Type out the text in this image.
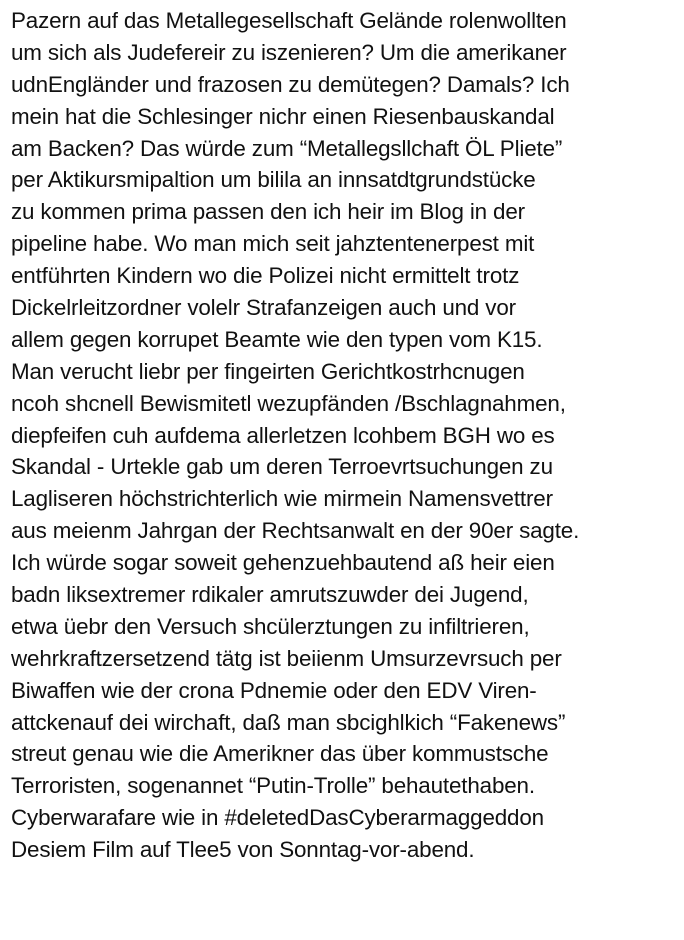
Pazern auf das Metallegesellschaft Gelände rolenwollten
um sich als Judefereir zu iszenieren? Um die amerikaner
udnEngländer und frazosen zu demütegen? Damals? Ich
mein hat die Schlesinger nichr einen Riesenbauskandal
am Backen? Das würde zum “Metallegsllchaft ÖL Pliete”
per Aktikursmipaltion um bilila an innsatdtgrundstücke
zu kommen prima passen den ich heir im Blog in der
pipeline habe. Wo man mich seit jahztentenerpest mit
entführten Kindern wo die Polizei nicht ermittelt trotz
Dickelrleitzordner volelr Strafanzeigen auch und vor
allem gegen korrupet Beamte wie den typen vom K15.
Man verucht liebr per fingeirten Gerichtkostrhcnugen
ncoh shcnell Bewismitetl wezupfänden /Bschlagnahmen,
diepfeifen cuh aufdema allerletzen lcohbem BGH wo es
Skandal - Urtekle gab um deren Terroevrtsuchungen zu
Lagliseren höchstrichterlich wie mirmein Namensvettrer
aus meienm Jahrgan der Rechtsanwalt en der 90er sagte.
Ich würde sogar soweit gehenzuehbautend aß heir eien
badn liksextremer rdikaler amrutszuwder dei Jugend,
etwa üebr den Versuch shcülerztungen zu infiltrieren,
wehrkraftzersetzend tätg ist beiienm Umsurzevrsuch per
Biwaffen wie der crona Pdnemie oder den EDV Viren-
attckenauf dei wirchaft, daß man sbcighlkich “Fakenews”
streut genau wie die Amerikner das über kommustsche
Terroristen, sogenannet “Putin-Trolle” behautethaben.
Cyberwarafare wie in #deletedDasCyberarmaggeddon
Desiem Film auf Tlee5 von Sonntag-vor-abend.
